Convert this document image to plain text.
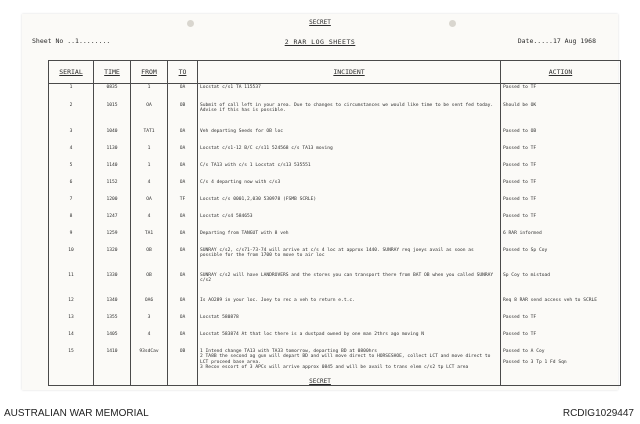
SECRET
Sheet No ..1........	2 RAR LOG SHEETS	Date.....17 Aug 1968
SERIAL	TIME	FROM	TO	INCIDENT	ACTION
1	0835	1	OA	Locstat c/s1 TA 115537	Passed to TF
2	1015	OA	OB	Submit of call left in your area. Due to changes to circumstances we would like time to be sent fed today. Advise if this has is possible.	Should be OK
3	1040	TAT1	OA	Veh departing Seeds for OB loc	Passed to OB
4	1130	1	OA	Locstat c/s1-12 B/C c/s11 524568 c/s TA13 moving	Passed to TF
5	1140	1	OA	C/s TA13 with c/s 1 Locstat c/s13 535551	Passed to TF
6	1152	4	OA	C/s 4 departing now with c/s3	Passed to TF
7	1200	OA	TF	Locstat c/s 0001,2,030 530978 (FSMB SCRLE)	Passed to TF
8	1247	4	OA	Locstat c/s4 584653	Passed to TF
9	1259	TA1	OA	Departing from TANGUT with 8 veh	6 RAR informed
10	1320	OB	OA	SUNRAY c/s2, c/s71-73-74 will arrive at c/s 4 loc at approx 1440. SUNRAY req joeys avail as soon as possible for the from 1700 to move to air loc	Passed to Sp Coy
11	1330	OB	OA	SUNRAY c/s2 will have LANDROVERS and the stores you can transport there from BAT OB when you called SUNRAY c/s2	Sp Coy to mistoad
12	1340	OA6	OA	Is AO289 in your loc. Joey to rec a veh to return e.t.c.	Req 8 RAR send access veh to SCRLE
13	1355	3	OA	Locstat 580878	Passed to TF
14	1405	4	OA	Locstat 583874 At that loc there is a dustpad owned by one man 2thrs ago moving N	Passed to TF
15	1410	93sdCav	OB	1 Intend change TA13 with TA33 tomorrow, departing BD at 0800hrs
2 TA8B the second ag gun will depart BD and will move direct to HORSESHOE, collect LCT and move direct to LCT proceed base area.
3 Recov escort of 3 APCs will arrive approx 0845 and will be avail to trans elem c/s2 tp LCT area	Passed to A Coy

Passed to 3 Tp 1 Fd Sqn
SECRET
AUSTRALIAN WAR MEMORIAL	RCDIG1029447
